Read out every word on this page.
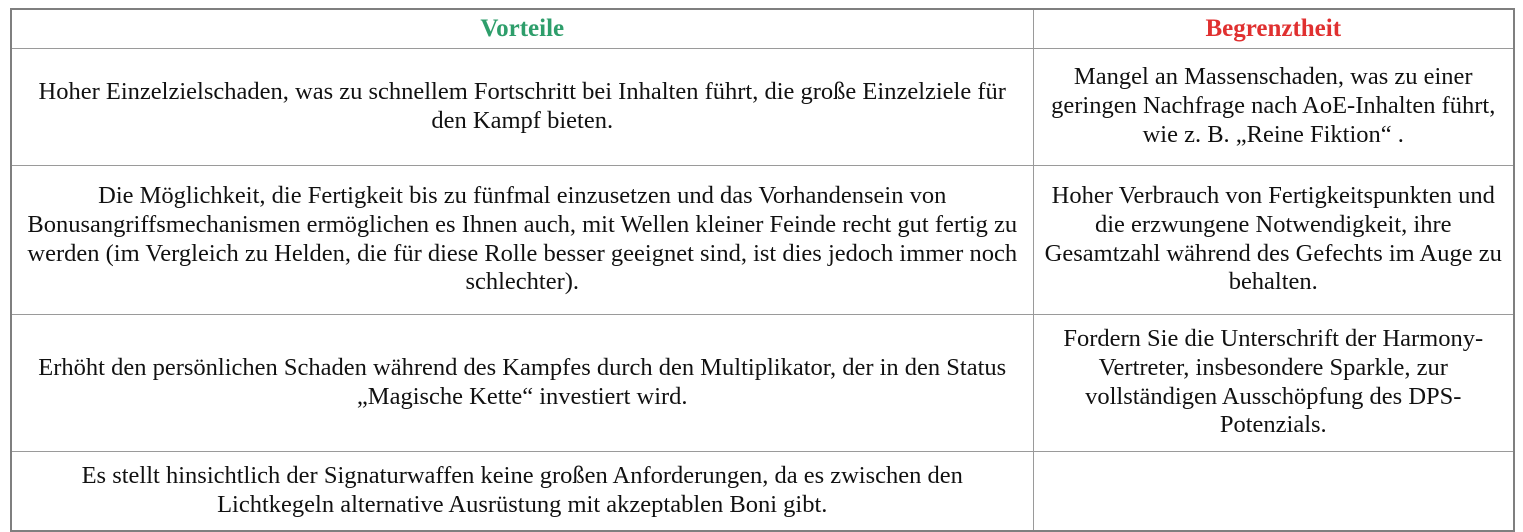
Vorteile	Begrenztheit
Hoher Einzelzielschaden, was zu schnellem Fortschritt bei Inhalten führt, die große Einzelziele für den Kampf bieten.	Mangel an Massenschaden, was zu einer geringen Nachfrage nach AoE-Inhalten führt, wie z. B. „Reine Fiktion“ .
Die Möglichkeit, die Fertigkeit bis zu fünfmal einzusetzen und das Vorhandensein von Bonusangriffsmechanismen ermöglichen es Ihnen auch, mit Wellen kleiner Feinde recht gut fertig zu werden (im Vergleich zu Helden, die für diese Rolle besser geeignet sind, ist dies jedoch immer noch schlechter).	Hoher Verbrauch von Fertigkeitspunkten und die erzwungene Notwendigkeit, ihre Gesamtzahl während des Gefechts im Auge zu behalten.
Erhöht den persönlichen Schaden während des Kampfes durch den Multiplikator, der in den Status „Magische Kette“ investiert wird.	Fordern Sie die Unterschrift der Harmony-Vertreter, insbesondere Sparkle, zur vollständigen Ausschöpfung des DPS-Potenzials.
Es stellt hinsichtlich der Signaturwaffen keine großen Anforderungen, da es zwischen den Lichtkegeln alternative Ausrüstung mit akzeptablen Boni gibt.	
